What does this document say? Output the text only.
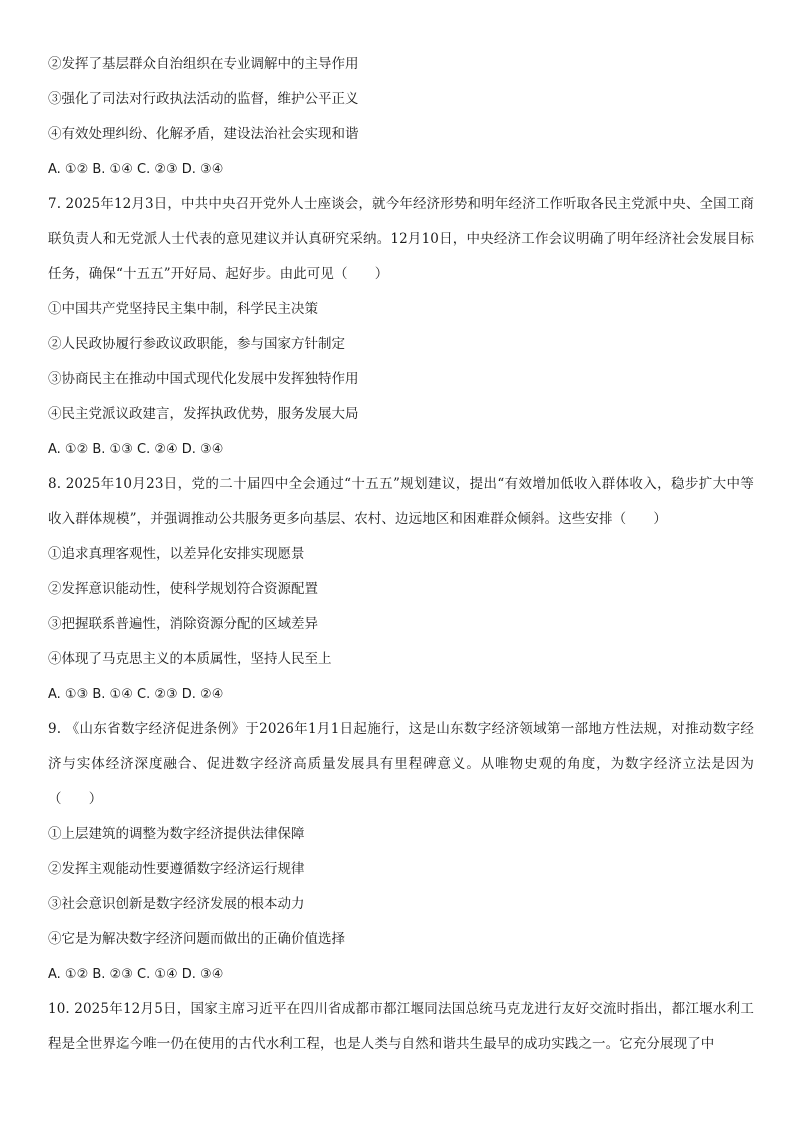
②发挥了基层群众自治组织在专业调解中的主导作用
③强化了司法对行政执法活动的监督，维护公平正义
④有效处理纠纷、化解矛盾，建设法治社会实现和谐
A. ①② B. ①④ C. ②③ D. ③④
7. 2025年12月3日，中共中央召开党外人士座谈会，就今年经济形势和明年经济工作听取各民主党派中央、全国工商联负责人和无党派人士代表的意见建议并认真研究采纳。12月10日，中央经济工作会议明确了明年经济社会发展目标任务，确保“十五五”开好局、起好步。由此可见（　　）
①中国共产党坚持民主集中制，科学民主决策
②人民政协履行参政议政职能，参与国家方针制定
③协商民主在推动中国式现代化发展中发挥独特作用
④民主党派议政建言，发挥执政优势，服务发展大局
A. ①② B. ①③ C. ②④ D. ③④
8. 2025年10月23日，党的二十届四中全会通过“十五五”规划建议，提出“有效增加低收入群体收入，稳步扩大中等收入群体规模”，并强调推动公共服务更多向基层、农村、边远地区和困难群众倾斜。这些安排（　　）
①追求真理客观性，以差异化安排实现愿景
②发挥意识能动性，使科学规划符合资源配置
③把握联系普遍性，消除资源分配的区域差异
④体现了马克思主义的本质属性，坚持人民至上
A. ①③ B. ①④ C. ②③ D. ②④
9. 《山东省数字经济促进条例》于2026年1月1日起施行，这是山东数字经济领域第一部地方性法规，对推动数字经济与实体经济深度融合、促进数字经济高质量发展具有里程碑意义。从唯物史观的角度，为数字经济立法是因为（　　）
①上层建筑的调整为数字经济提供法律保障
②发挥主观能动性要遵循数字经济运行规律
③社会意识创新是数字经济发展的根本动力
④它是为解决数字经济问题而做出的正确价值选择
A. ①② B. ②③ C. ①④ D. ③④
10. 2025年12月5日，国家主席习近平在四川省成都市都江堰同法国总统马克龙进行友好交流时指出，都江堰水利工程是全世界迄今唯一仍在使用的古代水利工程，也是人类与自然和谐共生最早的成功实践之一。它充分展现了中
